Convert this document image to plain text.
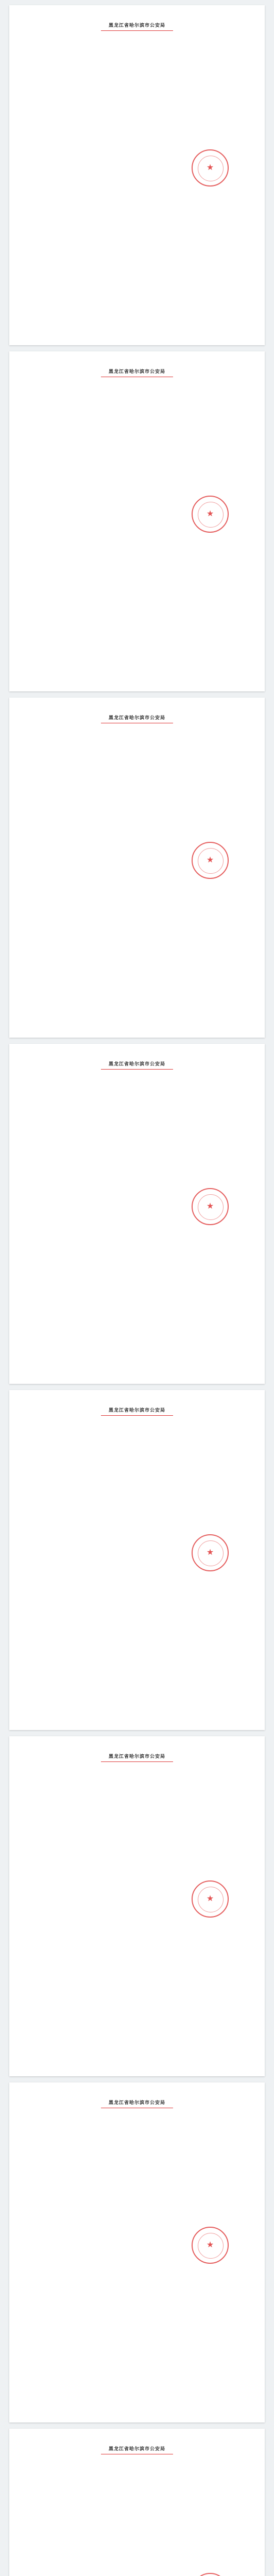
黑龙江省哈尔滨市公安局
★
黑龙江省哈尔滨市公安局
★
黑龙江省哈尔滨市公安局
★
黑龙江省哈尔滨市公安局
★
黑龙江省哈尔滨市公安局
★
黑龙江省哈尔滨市公安局
★
黑龙江省哈尔滨市公安局
★
黑龙江省哈尔滨市公安局
